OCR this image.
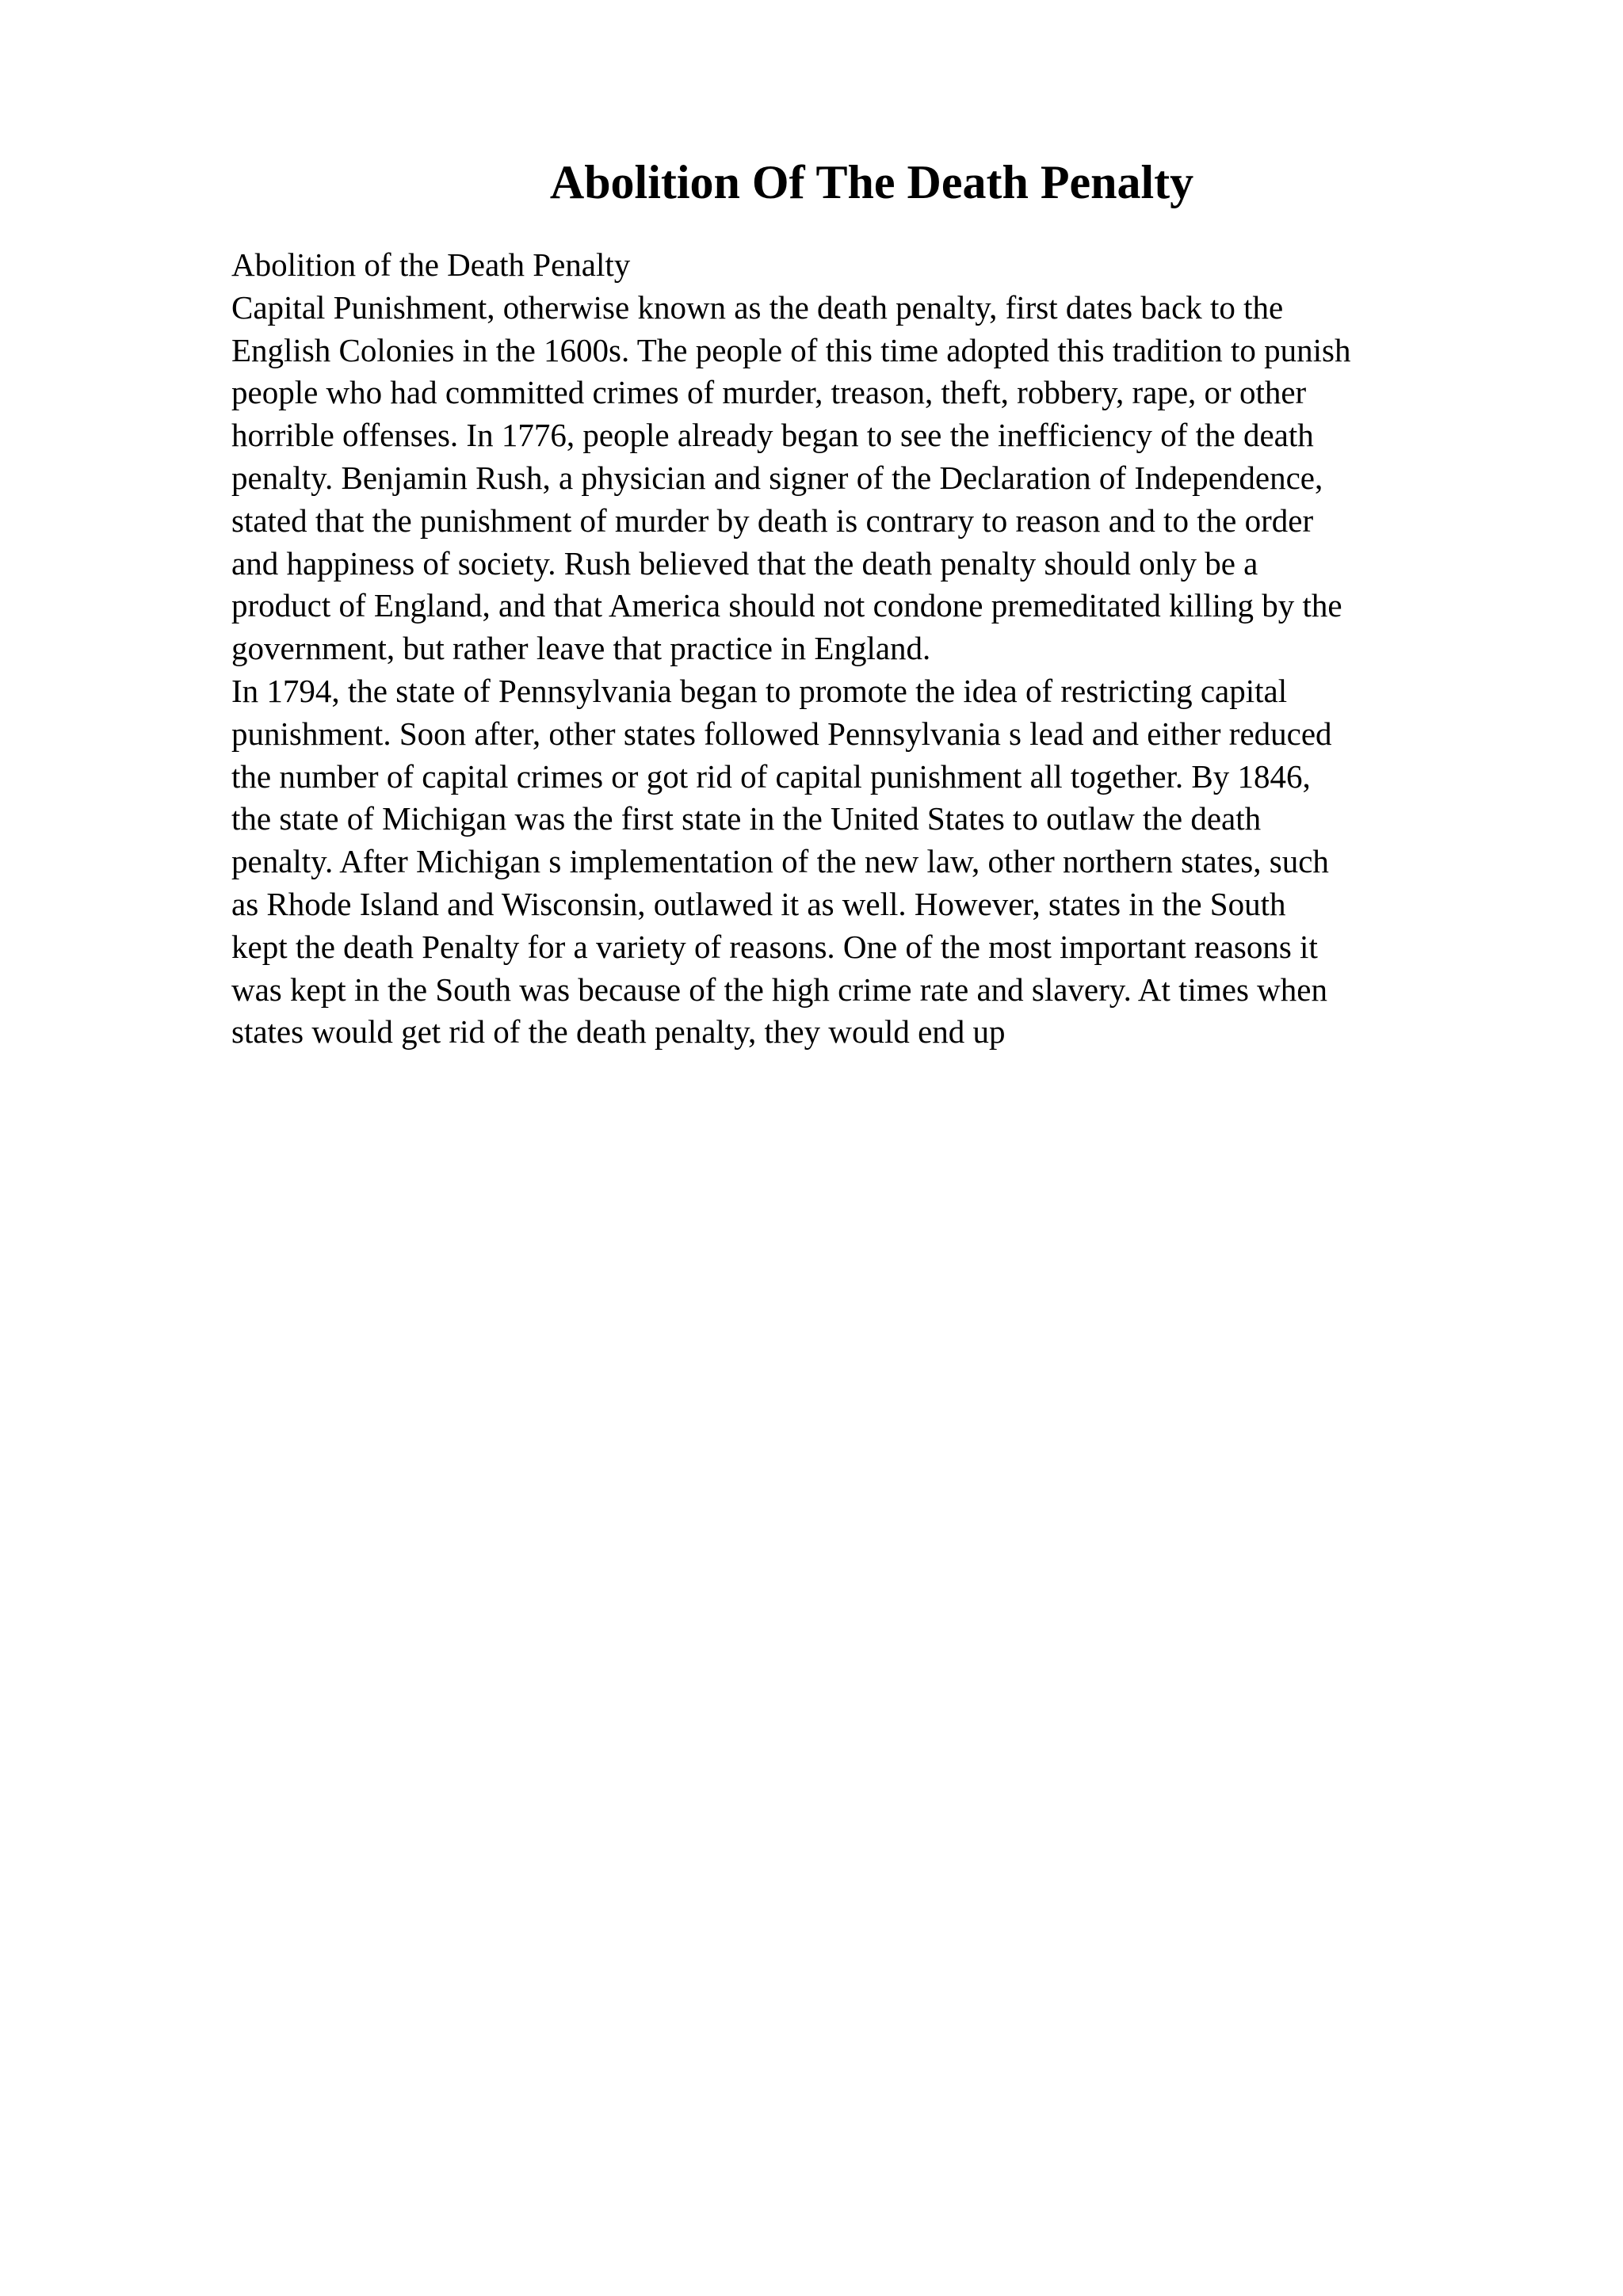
Abolition Of The Death Penalty
Abolition of the Death Penalty
Capital Punishment, otherwise known as the death penalty, first dates back to the
English Colonies in the 1600s. The people of this time adopted this tradition to punish
people who had committed crimes of murder, treason, theft, robbery, rape, or other
horrible offenses. In 1776, people already began to see the inefficiency of the death
penalty. Benjamin Rush, a physician and signer of the Declaration of Independence,
stated that the punishment of murder by death is contrary to reason and to the order
and happiness of society. Rush believed that the death penalty should only be a
product of England, and that America should not condone premeditated killing by the
government, but rather leave that practice in England.
In 1794, the state of Pennsylvania began to promote the idea of restricting capital
punishment. Soon after, other states followed Pennsylvania s lead and either reduced
the number of capital crimes or got rid of capital punishment all together. By 1846,
the state of Michigan was the first state in the United States to outlaw the death
penalty. After Michigan s implementation of the new law, other northern states, such
as Rhode Island and Wisconsin, outlawed it as well. However, states in the South
kept the death Penalty for a variety of reasons. One of the most important reasons it
was kept in the South was because of the high crime rate and slavery. At times when
states would get rid of the death penalty, they would end up
